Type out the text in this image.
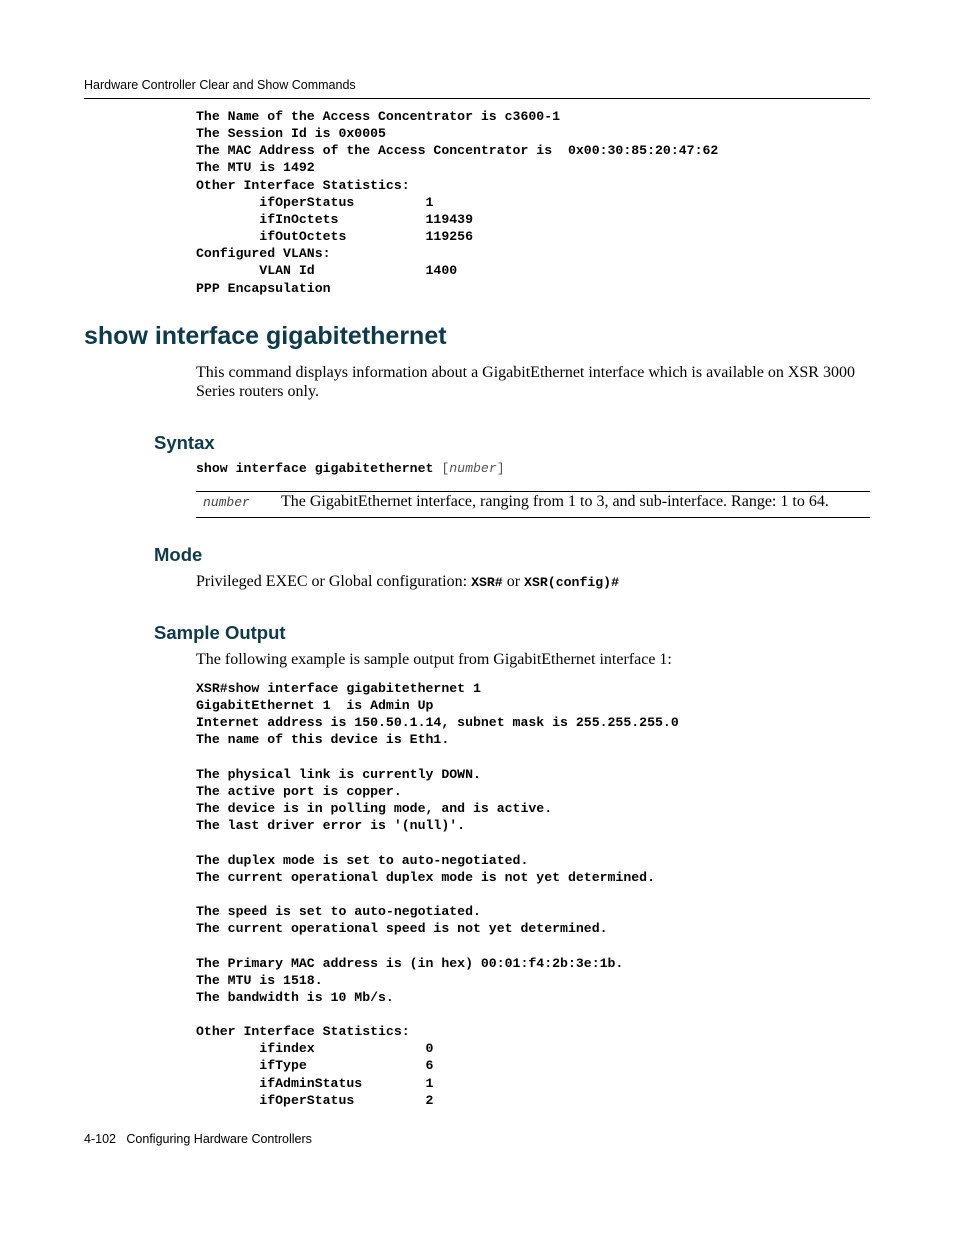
Hardware Controller Clear and Show Commands
The Name of the Access Concentrator is c3600-1
The Session Id is 0x0005
The MAC Address of the Access Concentrator is  0x00:30:85:20:47:62
The MTU is 1492
Other Interface Statistics:
ifOperStatus         1
ifInOctets           119439
ifOutOctets          119256
Configured VLANs:
VLAN Id              1400
PPP Encapsulation
show interface gigabitethernet
This command displays information about a GigabitEthernet interface which is available on XSR 3000 Series routers only.
Syntax
show interface gigabitethernet [number]
number The GigabitEthernet interface, ranging from 1 to 3, and sub-interface. Range: 1 to 64.
Mode
Privileged EXEC or Global configuration: XSR# or XSR(config)#
Sample Output
The following example is sample output from GigabitEthernet interface 1:
XSR#show interface gigabitethernet 1
GigabitEthernet 1  is Admin Up
Internet address is 150.50.1.14, subnet mask is 255.255.255.0
The name of this device is Eth1.

The physical link is currently DOWN.
The active port is copper.
The device is in polling mode, and is active.
The last driver error is '(null)'.

The duplex mode is set to auto-negotiated.
The current operational duplex mode is not yet determined.

The speed is set to auto-negotiated.
The current operational speed is not yet determined.

The Primary MAC address is (in hex) 00:01:f4:2b:3e:1b.
The MTU is 1518.
The bandwidth is 10 Mb/s.

Other Interface Statistics:
ifindex              0
ifType               6
ifAdminStatus        1
ifOperStatus         2
4-102   Configuring Hardware Controllers
